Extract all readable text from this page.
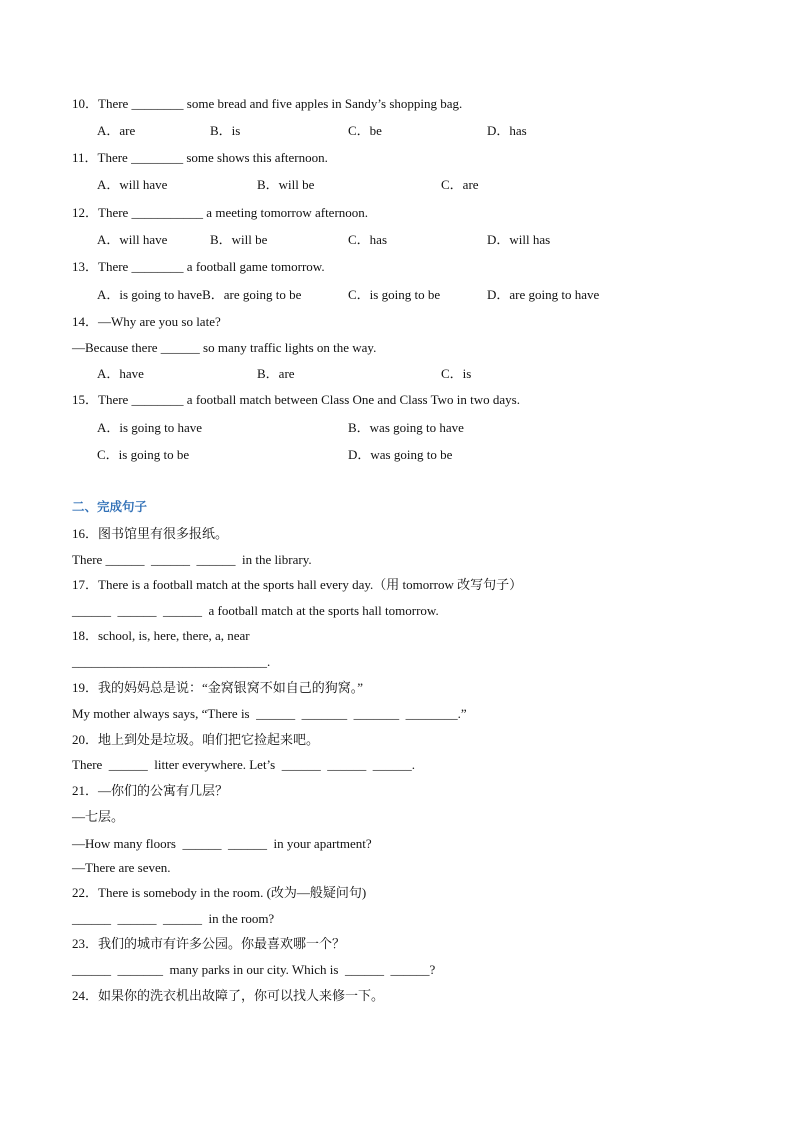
10．There ________ some bread and five apples in Sandy’s shopping bag.
A．are	B．is	C．be	D．has
11．There ________ some shows this afternoon.
A．will have	B．will be	C．are
12．There ___________ a meeting tomorrow afternoon.
A．will have	B．will be	C．has	D．will has
13．There ________ a football game tomorrow.
A．is going to haveB．are going to be	C．is going to be	D．are going to have
14．—Why are you so late?
—Because there ______ so many traffic lights on the way.
A．have	B．are	C．is
15．There ________ a football match between Class One and Class Two in two days.
A．is going to have	B．was going to have
C．is going to be	D．was going to be
二、完成句子
16．图书馆里有很多报纸。
There ______  ______  ______  in the library.
17．There is a football match at the sports hall every day.（用 tomorrow 改写句子）
______  ______  ______  a football match at the sports hall tomorrow.
18．school, is, here, there, a, near
______________________________.
19．我的妈妈总是说：“金窝银窝不如自己的狗窝。”
My mother always says, “There is  ______  _______  _______  ________.”
20．地上到处是垃圾。咱们把它捡起来吧。
There  ______  litter everywhere. Let’s  ______  ______  ______.
21．—你们的公寓有几层？
—七层。
—How many floors  ______  ______  in your apartment?
—There are seven.
22．There is somebody in the room. (改为—般疑问句)
______  ______  ______  in the room?
23．我们的城市有许多公园。你最喜欢哪一个？
______  _______  many parks in our city. Which is  ______  ______?
24．如果你的洗衣机出故障了，你可以找人来修一下。
